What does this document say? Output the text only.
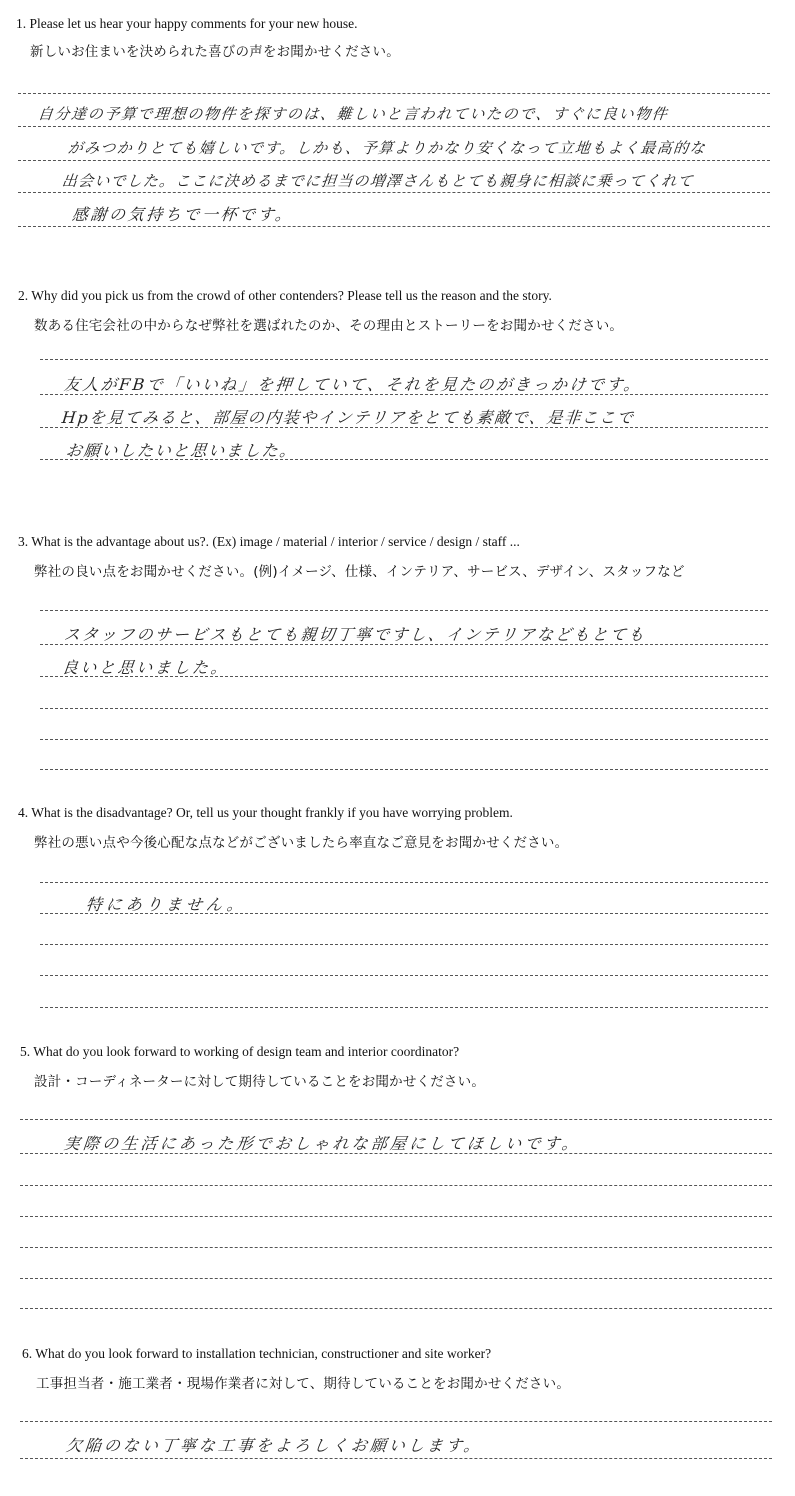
1. Please let us hear your happy comments for your new house.
新しいお住まいを決められた喜びの声をお聞かせください。
自分達の予算で理想の物件を探すのは、難しいと言われていたので、すぐに良い物件
がみつかりとても嬉しいです。しかも、予算よりかなり安くなって立地もよく最高的な
出会いでした。ここに決めるまでに担当の増澤さんもとても親身に相談に乗ってくれて
感謝の気持ちで一杯です。
2. Why did you pick us from the crowd of other contenders? Please tell us the reason and the story.
数ある住宅会社の中からなぜ弊社を選ばれたのか、その理由とストーリーをお聞かせください。
友人がFBで「いいね」を押していて、それを見たのがきっかけです。
Hpを見てみると、部屋の内装やインテリアをとても素敵で、是非ここで
お願いしたいと思いました。
3. What is the advantage about us?. (Ex) image / material / interior / service / design / staff ...
弊社の良い点をお聞かせください。(例)イメージ、仕様、インテリア、サービス、デザイン、スタッフなど
スタッフのサービスもとても親切丁寧ですし、インテリアなどもとても
良いと思いました。
4. What is the disadvantage? Or, tell us your thought frankly if you have worrying problem.
弊社の悪い点や今後心配な点などがございましたら率直なご意見をお聞かせください。
特にありません。
5. What do you look forward to working of design team and interior coordinator?
設計・コーディネーターに対して期待していることをお聞かせください。
実際の生活にあった形でおしゃれな部屋にしてほしいです。
6. What do you look forward to installation technician, constructioner and site worker?
工事担当者・施工業者・現場作業者に対して、期待していることをお聞かせください。
欠陥のない丁寧な工事をよろしくお願いします。
